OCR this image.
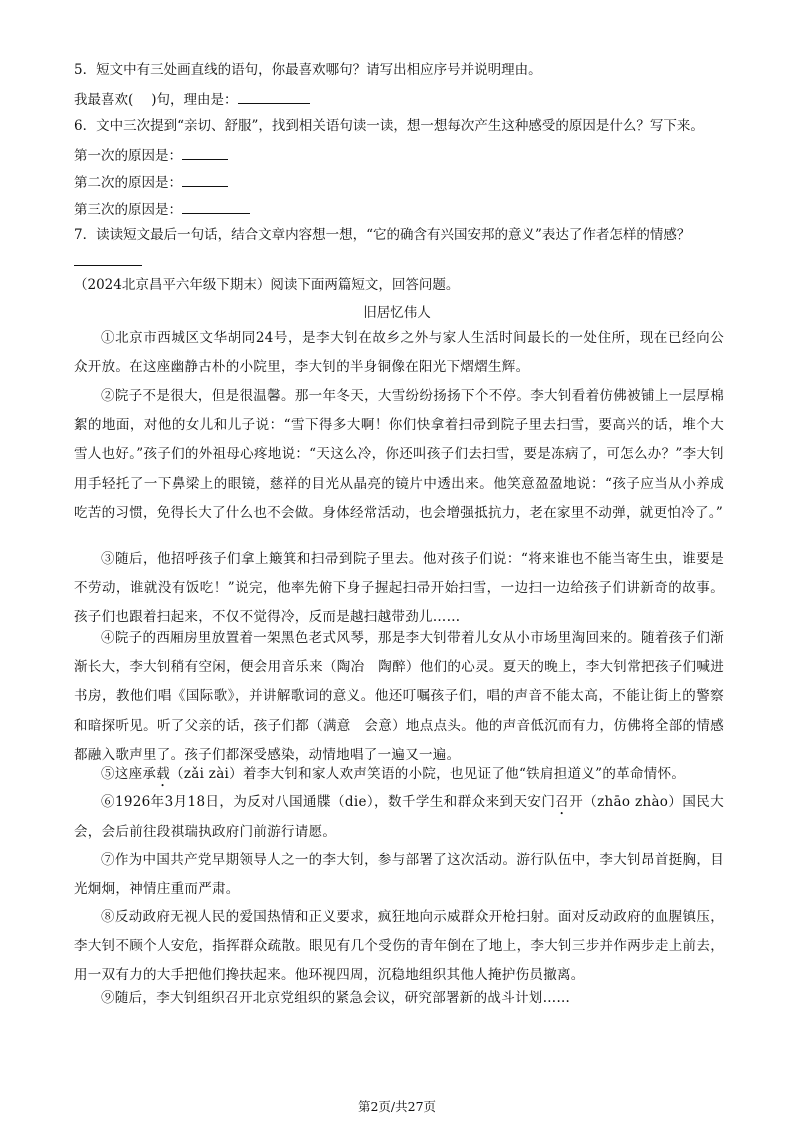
5．短文中有三处画直线的语句，你最喜欢哪句？请写出相应序号并说明理由。
我最喜欢( )句，理由是：
6．文中三次提到“亲切、舒服”，找到相关语句读一读，想一想每次产生这种感受的原因是什么？写下来。
第一次的原因是：
第二次的原因是：
第三次的原因是：
7．读读短文最后一句话，结合文章内容想一想，“它的确含有兴国安邦的意义”表达了作者怎样的情感？
（2024北京昌平六年级下期末）阅读下面两篇短文，回答问题。
旧居忆伟人
①北京市西城区文华胡同24号，是李大钊在故乡之外与家人生活时间最长的一处住所，现在已经向公众开放。在这座幽静古朴的小院里，李大钊的半身铜像在阳光下熠熠生辉。
②院子不是很大，但是很温馨。那一年冬天，大雪纷纷扬扬下个不停。李大钊看着仿佛被铺上一层厚棉絮的地面，对他的女儿和儿子说：“雪下得多大啊！你们快拿着扫帚到院子里去扫雪，要高兴的话，堆个大雪人也好。”孩子们的外祖母心疼地说：“天这么冷，你还叫孩子们去扫雪，要是冻病了，可怎么办？”李大钊用手轻托了一下鼻梁上的眼镜，慈祥的目光从晶亮的镜片中透出来。他笑意盈盈地说：“孩子应当从小养成吃苦的习惯，免得长大了什么也不会做。身体经常活动，也会增强抵抗力，老在家里不动弹，就更怕冷了。”
③随后，他招呼孩子们拿上簸箕和扫帚到院子里去。他对孩子们说：“将来谁也不能当寄生虫，谁要是不劳动，谁就没有饭吃！”说完，他率先俯下身子握起扫帚开始扫雪，一边扫一边给孩子们讲新奇的故事。孩子们也跟着扫起来，不仅不觉得冷，反而是越扫越带劲儿……
④院子的西厢房里放置着一架黑色老式风琴，那是李大钊带着儿女从小市场里淘回来的。随着孩子们渐渐长大，李大钊稍有空闲，便会用音乐来（陶冶　陶醉）他们的心灵。夏天的晚上，李大钊常把孩子们喊进书房，教他们唱《国际歌》，并讲解歌词的意义。他还叮嘱孩子们，唱的声音不能太高，不能让街上的警察和暗探听见。听了父亲的话，孩子们都（满意　会意）地点点头。他的声音低沉而有力，仿佛将全部的情感都融入歌声里了。孩子们都深受感染，动情地唱了一遍又一遍。
⑤这座承载（zǎi zài）着李大钊和家人欢声笑语的小院，也见证了他“铁肩担道义”的革命情怀。
⑥1926年3月18日，为反对八国通牒（die），数千学生和群众来到天安门召开（zhāo zhào）国民大会，会后前往段祺瑞执政府门前游行请愿。
⑦作为中国共产党早期领导人之一的李大钊，参与部署了这次活动。游行队伍中，李大钊昂首挺胸，目光炯炯，神情庄重而严肃。
⑧反动政府无视人民的爱国热情和正义要求，疯狂地向示威群众开枪扫射。面对反动政府的血腥镇压，李大钊不顾个人安危，指挥群众疏散。眼见有几个受伤的青年倒在了地上，李大钊三步并作两步走上前去，用一双有力的大手把他们搀扶起来。他环视四周，沉稳地组织其他人掩护伤员撤离。
⑨随后，李大钊组织召开北京党组织的紧急会议，研究部署新的战斗计划……
第2页/共27页
